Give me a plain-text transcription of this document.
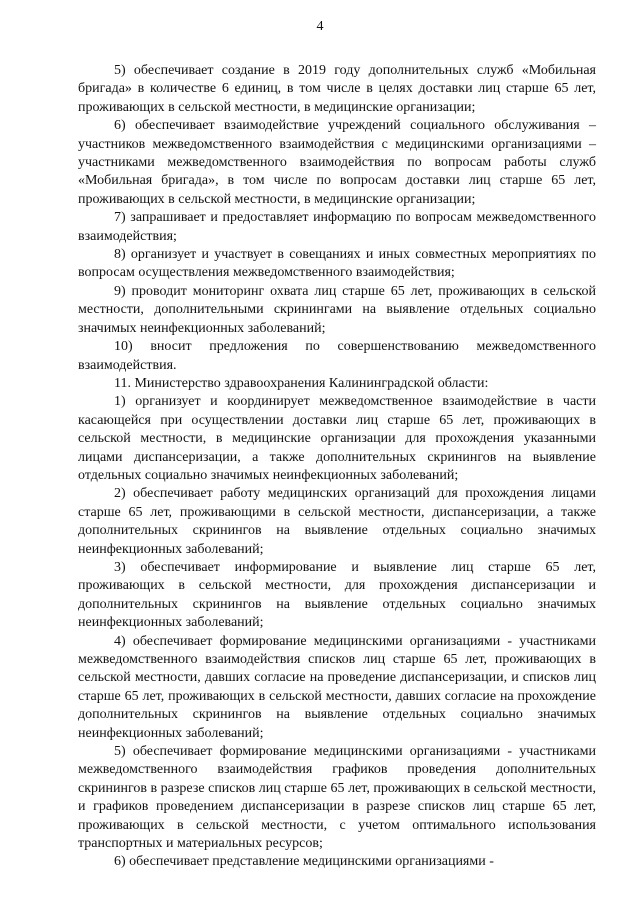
4

5) обеспечивает создание в 2019 году дополнительных служб «Мобильная бригада» в количестве 6 единиц, в том числе в целях доставки лиц старше 65 лет, проживающих в сельской местности, в медицинские организации;

6) обеспечивает взаимодействие учреждений социального обслуживания – участников межведомственного взаимодействия с медицинскими организациями – участниками межведомственного взаимодействия по вопросам работы служб «Мобильная бригада», в том числе по вопросам доставки лиц старше 65 лет, проживающих в сельской местности, в медицинские организации;

7) запрашивает и предоставляет информацию по вопросам межведомственного взаимодействия;

8) организует и участвует в совещаниях и иных совместных мероприятиях по вопросам осуществления межведомственного взаимодействия;

9) проводит мониторинг охвата лиц старше 65 лет, проживающих в сельской местности, дополнительными скринингами на выявление отдельных социально значимых неинфекционных заболеваний;

10) вносит предложения по совершенствованию межведомственного взаимодействия.

11. Министерство здравоохранения Калининградской области:

1) организует и координирует межведомственное взаимодействие в части касающейся при осуществлении доставки лиц старше 65 лет, проживающих в сельской местности, в медицинские организации для прохождения указанными лицами диспансеризации, а также дополнительных скринингов на выявление отдельных социально значимых неинфекционных заболеваний;

2) обеспечивает работу медицинских организаций для прохождения лицами старше 65 лет, проживающими в сельской местности, диспансеризации, а также дополнительных скринингов на выявление отдельных социально значимых неинфекционных заболеваний;

3) обеспечивает информирование и выявление лиц старше 65 лет, проживающих в сельской местности, для прохождения диспансеризации и дополнительных скринингов на выявление отдельных социально значимых неинфекционных заболеваний;

4) обеспечивает формирование медицинскими организациями - участниками межведомственного взаимодействия списков лиц старше 65 лет, проживающих в сельской местности, давших согласие на проведение диспансеризации, и списков лиц старше 65 лет, проживающих в сельской местности, давших согласие на прохождение дополнительных скринингов на выявление отдельных социально значимых неинфекционных заболеваний;

5) обеспечивает формирование медицинскими организациями - участниками межведомственного взаимодействия графиков проведения дополнительных скринингов в разрезе списков лиц старше 65 лет, проживающих в сельской местности, и графиков проведением диспансеризации в разрезе списков лиц старше 65 лет, проживающих в сельской местности, с учетом оптимального использования транспортных и материальных ресурсов;

6) обеспечивает представление медицинскими организациями -
